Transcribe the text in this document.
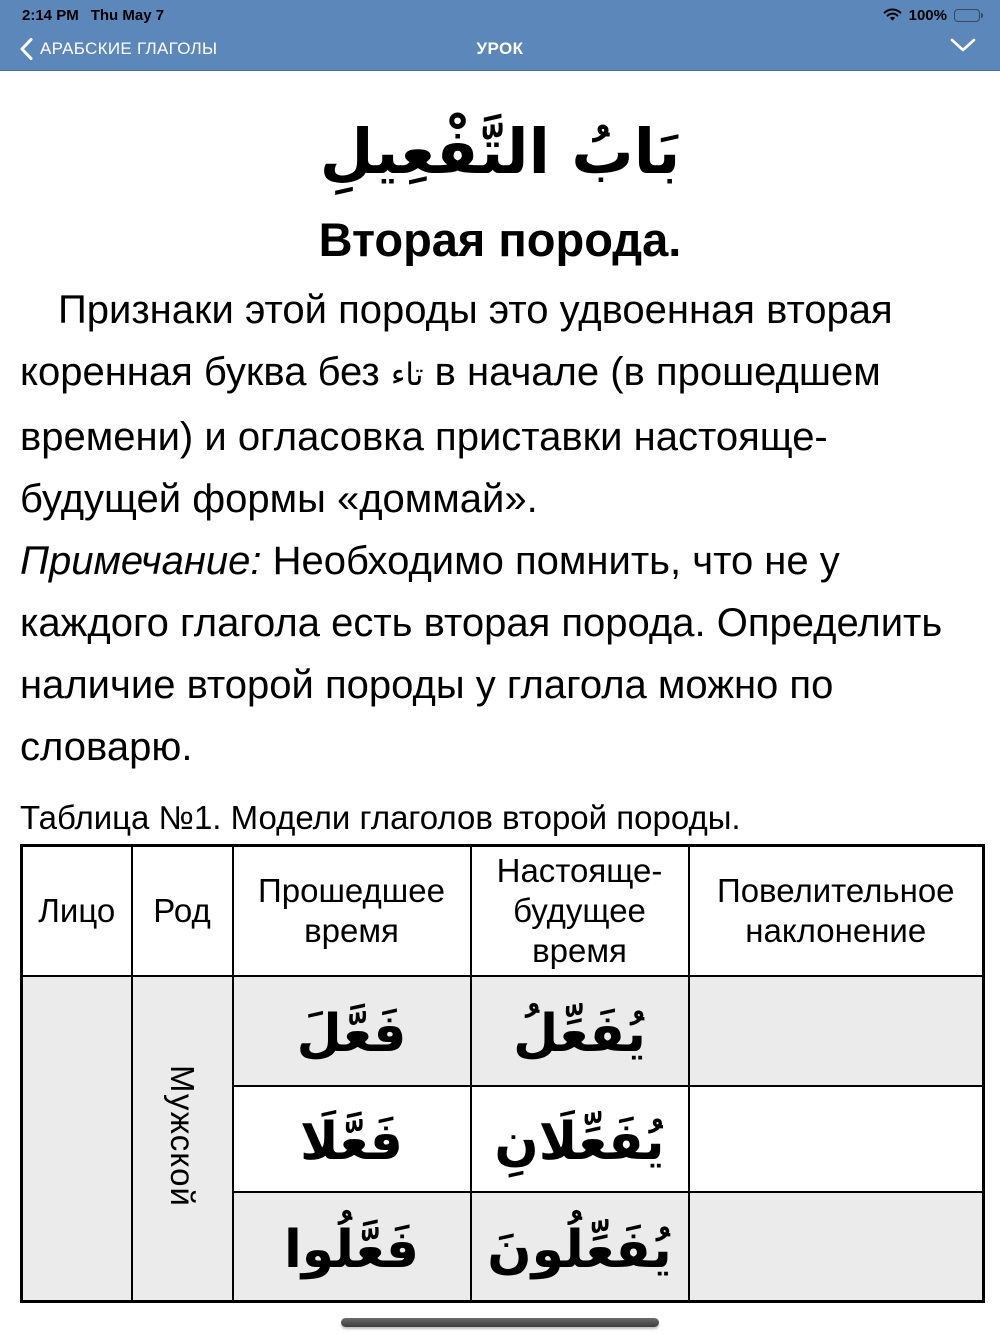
2:14 PM Thu May 7	100%
АРАБСКИЕ ГЛАГОЛЫ	УРОК
بَابُ التَّفْعِيلِ
Вторая порода.

Признаки этой породы это удвоенная вторая коренная буква без تاء в начале (в прошедшем времени) и огласовка приставки настояще-будущей формы «доммай».

Примечание: Необходимо помнить, что не у каждого глагола есть вторая порода. Определить наличие второй породы у глагола можно по словарю.

Таблица №1. Модели глаголов второй породы.
Лицо	Род	Прошедшее время	Настояще-будущее время	Повелительное наклонение
	Мужской	فَعَّلَ	يُفَعِّلُ	
		فَعَّلَا	يُفَعِّلَانِ	
		فَعَّلُوا	يُفَعِّلُونَ	
